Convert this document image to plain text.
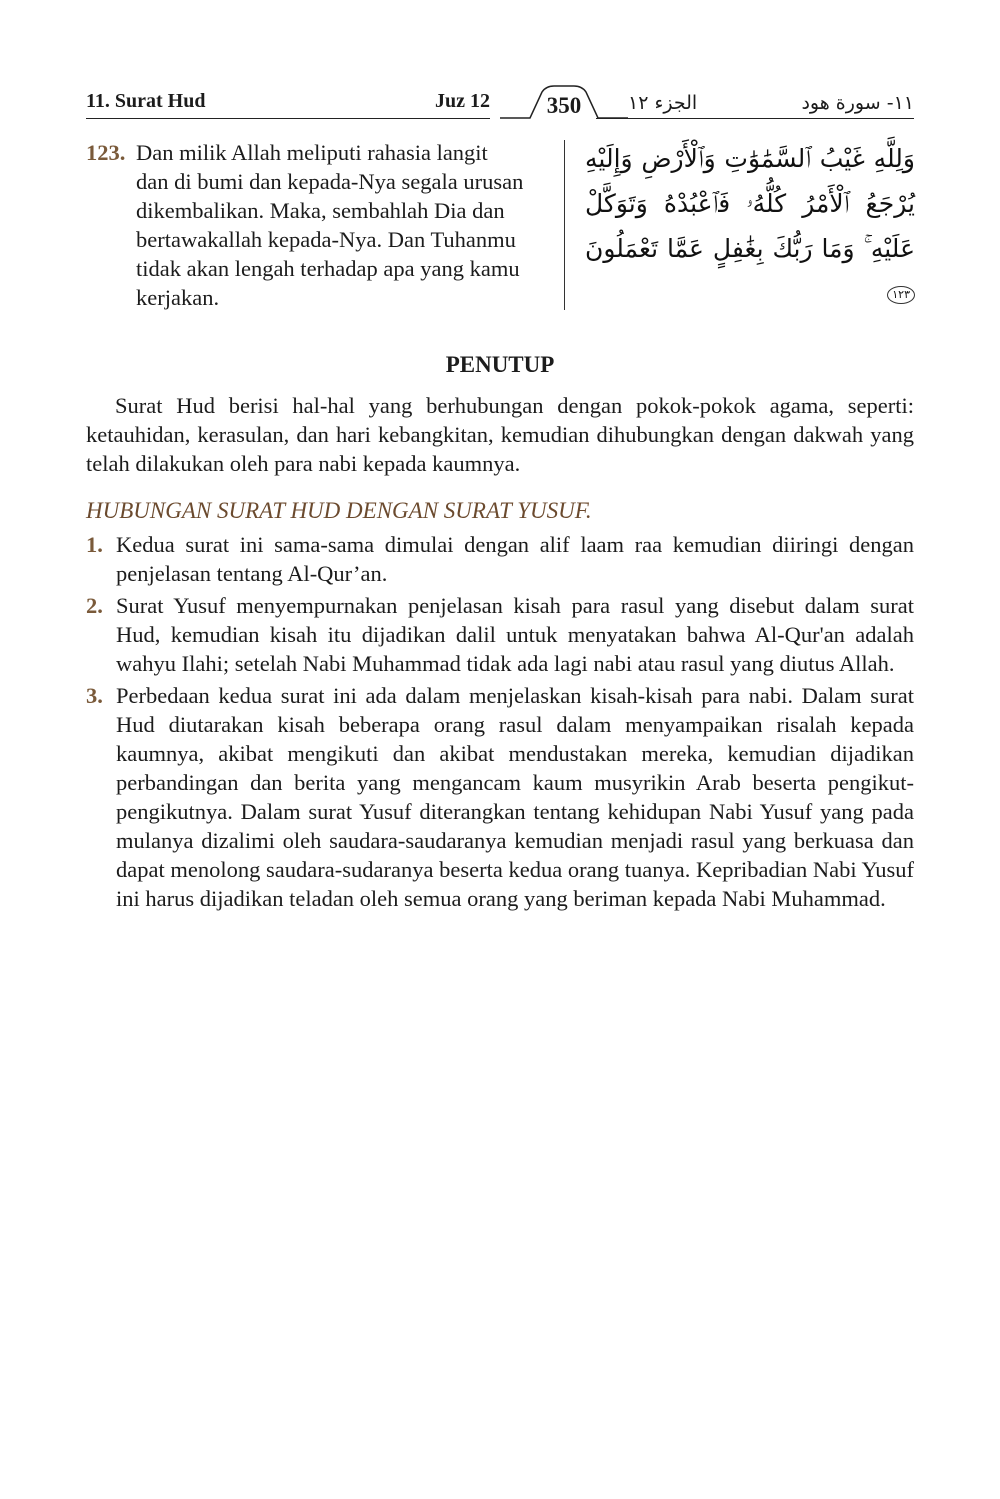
11. Surat Hud	Juz 12	350	الجزء ١٢	١١- سورة هود
123. Dan milik Allah meliputi rahasia langit
dan di bumi dan kepada-Nya segala urusan
dikembalikan. Maka, sembahlah Dia dan
bertawakallah kepada-Nya. Dan Tuhanmu
tidak akan lengah terhadap apa yang kamu
kerjakan.
وَلِلَّهِ غَيْبُ ٱلسَّمَٰوَٰتِ وَٱلْأَرْضِ وَإِلَيْهِ يُرْجَعُ ٱلْأَمْرُ كُلُّهُۥ فَٱعْبُدْهُ وَتَوَكَّلْ عَلَيْهِ ۚ وَمَا رَبُّكَ بِغَٰفِلٍ عَمَّا تَعْمَلُونَ ١٢٣
PENUTUP
Surat Hud berisi hal-hal yang berhubungan dengan pokok-pokok agama, seperti: ketauhidan, kerasulan, dan hari kebangkitan, kemudian dihubungkan dengan dakwah yang telah dilakukan oleh para nabi kepada kaumnya.
HUBUNGAN SURAT HUD DENGAN SURAT YUSUF.
1. Kedua surat ini sama-sama dimulai dengan alif laam raa kemudian diiringi dengan penjelasan tentang Al-Qur’an.
2. Surat Yusuf menyempurnakan penjelasan kisah para rasul yang disebut dalam surat Hud, kemudian kisah itu dijadikan dalil untuk menyatakan bahwa Al-Qur'an adalah wahyu Ilahi; setelah Nabi Muhammad tidak ada lagi nabi atau rasul yang diutus Allah.
3. Perbedaan kedua surat ini ada dalam menjelaskan kisah-kisah para nabi. Dalam surat Hud diutarakan kisah beberapa orang rasul dalam menyampaikan risalah kepada kaumnya, akibat mengikuti dan akibat mendustakan mereka, kemudian dijadikan perbandingan dan berita yang mengancam kaum musyrikin Arab beserta pengikut-pengikutnya. Dalam surat Yusuf diterangkan tentang kehidupan Nabi Yusuf yang pada mulanya dizalimi oleh saudara-saudaranya kemudian menjadi rasul yang berkuasa dan dapat menolong saudara-sudaranya beserta kedua orang tuanya. Kepribadian Nabi Yusuf ini harus dijadikan teladan oleh semua orang yang beriman kepada Nabi Muhammad.
